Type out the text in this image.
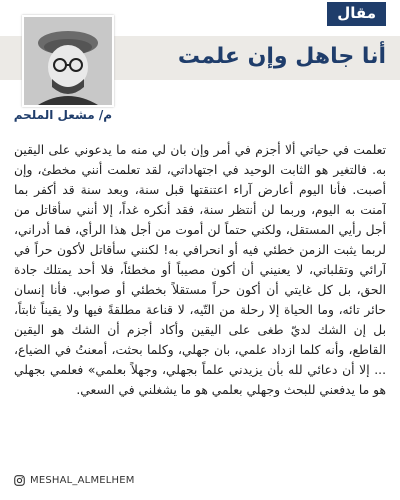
مقال
أنا جاهل وإن علمت
م/ مشعل الملحم
تعلمت في حياتي ألا أجزم في أمر وإن بان لي منه ما يدعوني على اليقين به. فالتغير هو الثابت الوحيد في اجتهاداتي، لقد تعلمت أنني مخطئ، وإن أصبت. فأنا اليوم أعارض آراء اعتنقتها قبل سنة، وبعد سنة قد أكفر بما آمنت به اليوم، وربما لن أنتظر سنة، فقد أنكره غداً، إلا أنني سأقاتل من أجل رأيي المستقل، ولكني حتماً لن أموت من أجل هذا الرأي، فما أدراني، لربما يثبت الزمن خطئي فيه أو انحرافي به! لكنني سأقاتل لأكون حراً في آرائي وتقلباتي، لا يعنيني أن أكون مصيباً أو مخطئاً، فلا أحد يمتلك جادة الحق، بل كل غايتي أن أكون حراً مستقلاً بخطئي أو صوابي. فأنا إنسان حائر تائه، وما الحياة إلا رحلة من التّيه، لا قناعة مطلقةً فيها ولا يقيناً ثابتاً، بل إن الشك لديّ طغى على اليقين وأكاد أجزم أن الشك هو اليقين القاطع، وأنه كلما ازداد علمي، بان جهلي، وكلما بحثت، أمعنتُ في الضياع، ... إلا أن دعائي لله بأن يزيدني علماً بجهلي، وجهلاً بعلمي» فعلمي بجهلي هو ما يدفعني للبحث وجهلي بعلمي هو ما يشغلني في السعي.
MESHAL_ALMELHEM
